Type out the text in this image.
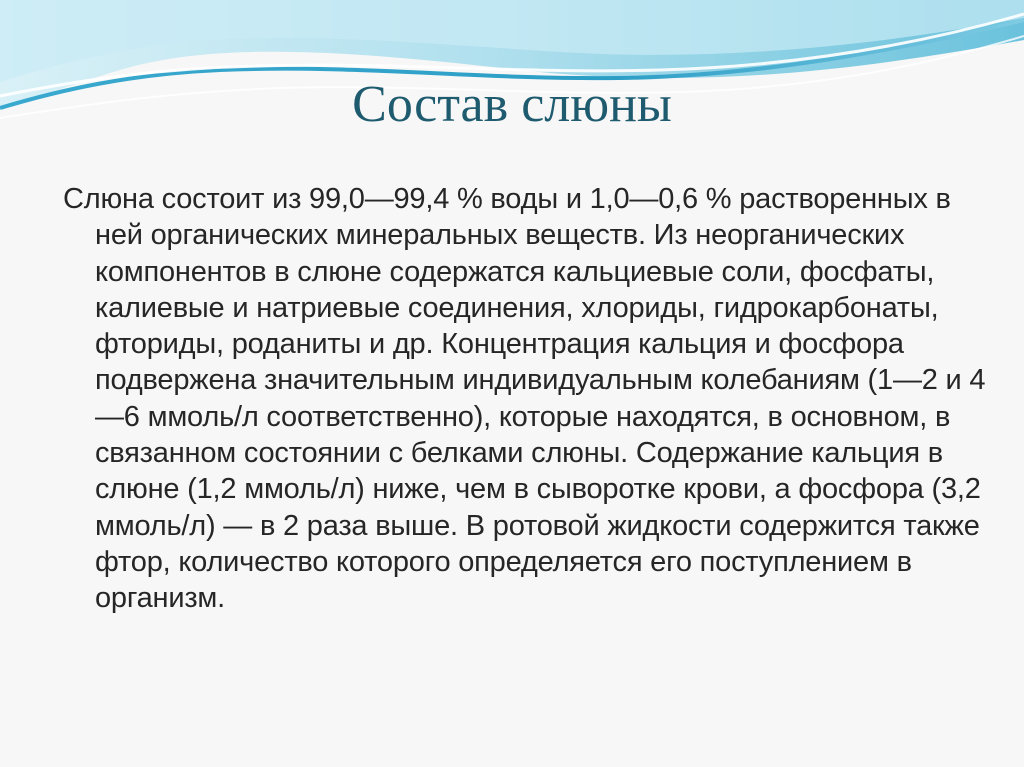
Состав слюны

Слюна состоит из 99,0—99,4 % воды и 1,0—0,6 % растворенных в ней органических минеральных веществ. Из неорганических компонентов в слюне содержатся кальциевые соли, фосфаты, калиевые и натриевые соединения, хлориды, гидрокарбонаты, фториды, роданиты и др. Концентрация кальция и фосфора подвержена значительным индивидуальным колебаниям (1—2 и 4—6 ммоль/л соответственно), которые находятся, в основном, в связанном состоянии с белками слюны. Содержание кальция в слюне (1,2 ммоль/л) ниже, чем в сыворотке крови, а фосфора (3,2 ммоль/л) — в 2 раза выше. В ротовой жидкости содержится также фтор, количество которого определяется его поступлением в организм.
